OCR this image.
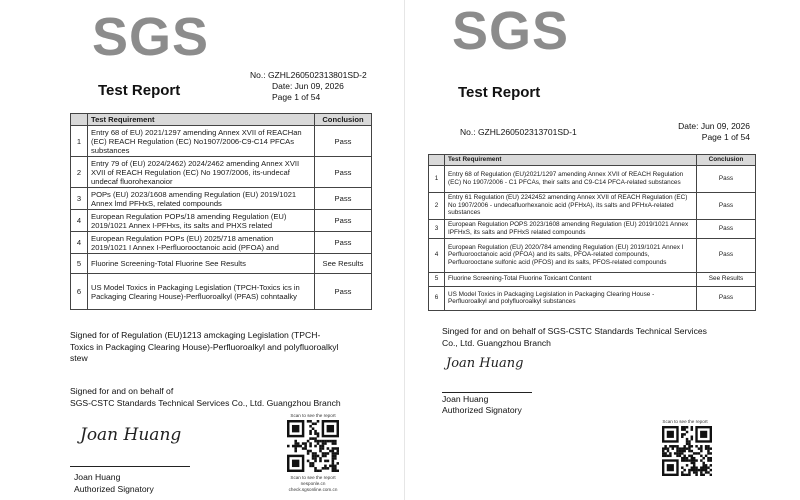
SGS
Test Report
No.: GZHL260502313801SD-2
Date: Jun 09, 2026
Page 1 of 54
	Test Requirement	Conclusion
1	Entry 68 of EU) 2021/1297 amending Annex XVII of REACHan (EC) REACH Regulation (EC) No1907/2006-C9-C14 PFCAs substances	Pass
2	Entry 79 of (EU) 2024/2462) 2024/2462 amending Annex XVII XVII of REACH Regulation (EC) No 1907/2006, its-undecaf undecaf fluorohexanoior	Pass
3	POPs (EU) 2023/1608 amending Regulation (EU) 2019/1021 Annex lmd PFHxS, related compounds	Pass
4	European Regulation POPs/18 amending Regulation (EU) 2019/1021 Annex I-PFHxs, its salts and PHXS related	Pass
4	European Regulation POPs (EU) 2025/718 amenation 2019/1021 I Annex I-Perfluorooctanoic acid (PFOA) and	Pass
5	Fluorine Screening-Total Fluorine See Results	See Results
6	US Model Toxics in Packaging Legislation (TPCH-Toxics ics in Packaging Clearing House)-Perfluoroalkyl (PFAS) cohntaalky	Pass
Signed for of Regulation (EU)1213 amckaging Legislation (TPCH-Toxics in Packaging Clearing House)-Perfluoroalkyl and polyfluoroalkyl stew
Signed for and on behalf of
SGS-CSTC Standards Technical Services Co., Ltd. Guangzhou Branch
Joan Huang
Joan Huang
Authorized Signatory
Scan to see the report
Scan to see the report nesponle.cn check.sgsonline.com.cn
SGS
Test Report
No.: GZHL260502313701SD-1
Date: Jun 09, 2026
Page 1 of 54
	Test Requirement	Conclusion
1	Entry 68 of Regulation (EU)2021/1297 amending Annex XVII of REACH Regulation (EC) No 1907/2006 - C1 PFCAs, their salts and C9-C14 PFCA-related substances	Pass
2	Entry 61 Regulation (EU) 2242452 amending Annex XVII of REACH Regulation (EC) No 1907/2006 - undecafluorhexanoic acid (PFHxA), its salts and PFHxA-related substances	Pass
3	European Regulation POPS 2023/1608 amending Regulation (EU) 2019/1021 Annex IPFHxS, its salts and PFHxS related compounds	Pass
4	European Regulation (EU) 2020/784 amending Regulation (EU) 2019/1021 Annex I Perfluorooctanoic acid (PFOA) and its salts, PFOA-related compounds, Perfluorooctane sulfonic acid (PFOS) and its salts, PFOS-related compounds	Pass
5	Fluorine Screening-Total Fluorine Toxicant Content	See Results
6	US Model Toxics in Packaging Legislation in Packaging Clearing House - Perfluoroalkyl and polyfluoroalkyl substances	Pass
Singed for and on behalf of SGS-CSTC Standards Technical Services
Co., Ltd. Guangzhou Branch
Joan Huang
Joan Huang
Authorized Signatory
Scan to see the report
